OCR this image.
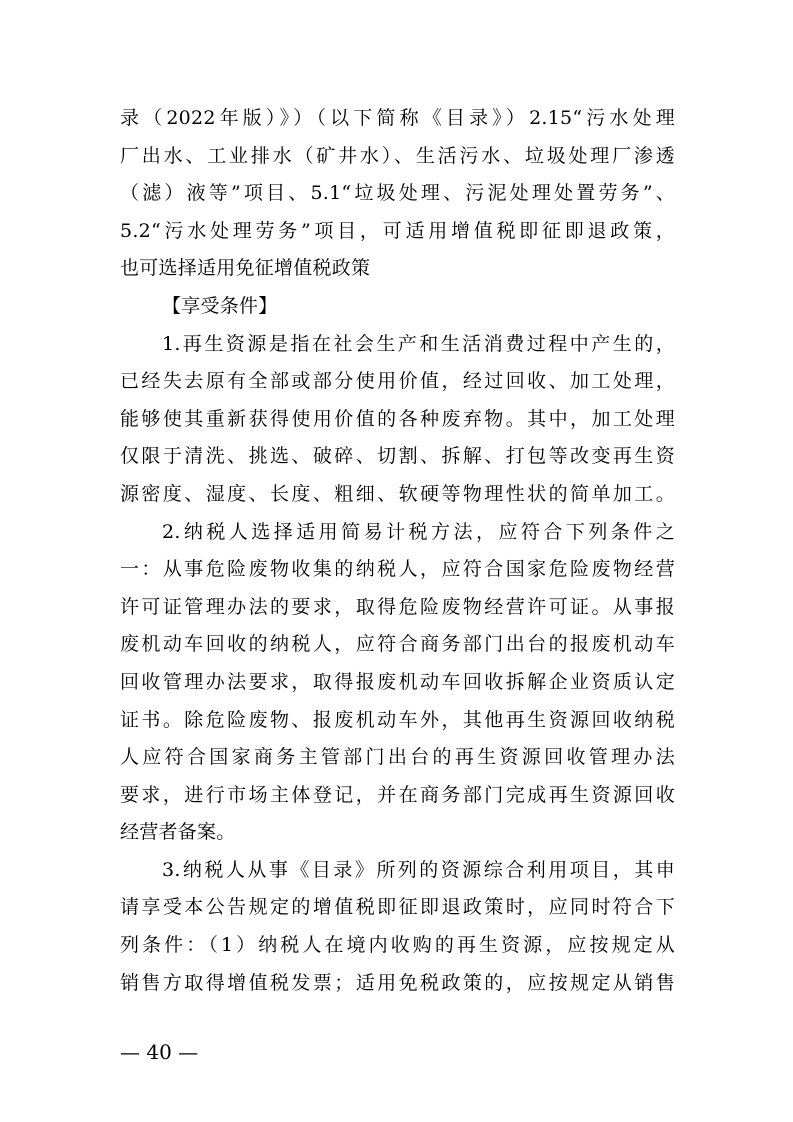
录（2022年版）》）（以下简称《目录》）2.15“污水处理
厂出水、工业排水（矿井水）、生活污水、垃圾处理厂渗透
（滤）液等”项目、5.1“垃圾处理、污泥处理处置劳务”、
5.2“污水处理劳务”项目，可适用增值税即征即退政策，
也可选择适用免征增值税政策
【享受条件】
1.再生资源是指在社会生产和生活消费过程中产生的，
已经失去原有全部或部分使用价值，经过回收、加工处理，
能够使其重新获得使用价值的各种废弃物。其中，加工处理
仅限于清洗、挑选、破碎、切割、拆解、打包等改变再生资
源密度、湿度、长度、粗细、软硬等物理性状的简单加工。
2.纳税人选择适用简易计税方法，应符合下列条件之
一：从事危险废物收集的纳税人，应符合国家危险废物经营
许可证管理办法的要求，取得危险废物经营许可证。从事报
废机动车回收的纳税人，应符合商务部门出台的报废机动车
回收管理办法要求，取得报废机动车回收拆解企业资质认定
证书。除危险废物、报废机动车外，其他再生资源回收纳税
人应符合国家商务主管部门出台的再生资源回收管理办法
要求，进行市场主体登记，并在商务部门完成再生资源回收
经营者备案。
3.纳税人从事《目录》所列的资源综合利用项目，其申
请享受本公告规定的增值税即征即退政策时，应同时符合下
列条件：（1）纳税人在境内收购的再生资源，应按规定从
销售方取得增值税发票；适用免税政策的，应按规定从销售
— 40 —
